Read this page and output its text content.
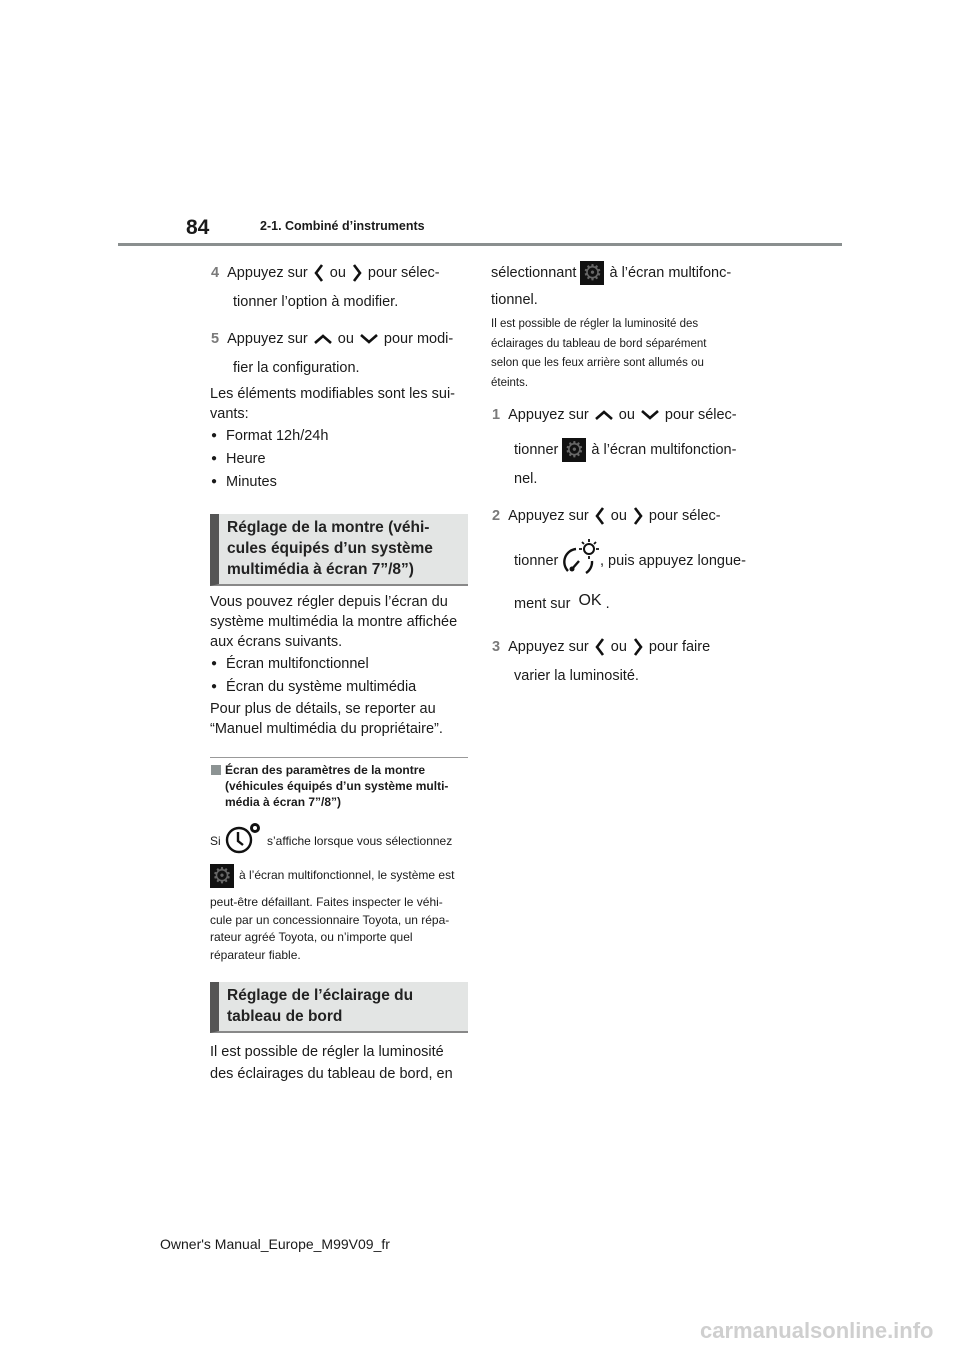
84	2-1. Combiné d’instruments
4 Appuyez sur ou pour sélec-
tionner l’option à modifier.
5 Appuyez sur ou pour modi-
fier la configuration.
Les éléments modifiables sont les sui-
vants:
● Format 12h/24h
● Heure
● Minutes
Réglage de la montre (véhi-
cules équipés d’un système
multimédia à écran 7”/8”)
Vous pouvez régler depuis l’écran du
système multimédia la montre affichée
aux écrans suivants.
● Écran multifonctionnel
● Écran du système multimédia
Pour plus de détails, se reporter au
“Manuel multimédia du propriétaire”.
Écran des paramètres de la montre
(véhicules équipés d’un système multi-
média à écran 7”/8”)
Si	s’affiche lorsque vous sélectionnez
⚙ à l’écran multifonctionnel, le système est
peut-être défaillant. Faites inspecter le véhi-
cule par un concessionnaire Toyota, un répa-
rateur agréé Toyota, ou n’importe quel
réparateur fiable.
Réglage de l’éclairage du
tableau de bord
Il est possible de régler la luminosité
des éclairages du tableau de bord, en
sélectionnant ⚙ à l’écran multifonc-
tionnel.
Il est possible de régler la luminosité des
éclairages du tableau de bord séparément
selon que les feux arrière sont allumés ou
éteints.
1 Appuyez sur ou pour sélec-
tionner ⚙ à l’écran multifonction-
nel.
2 Appuyez sur ou pour sélec-
tionner	, puis appuyez longue-
ment sur OK .
3 Appuyez sur ou pour faire
varier la luminosité.
Owner's Manual_Europe_M99V09_fr
carmanualsonline.info
